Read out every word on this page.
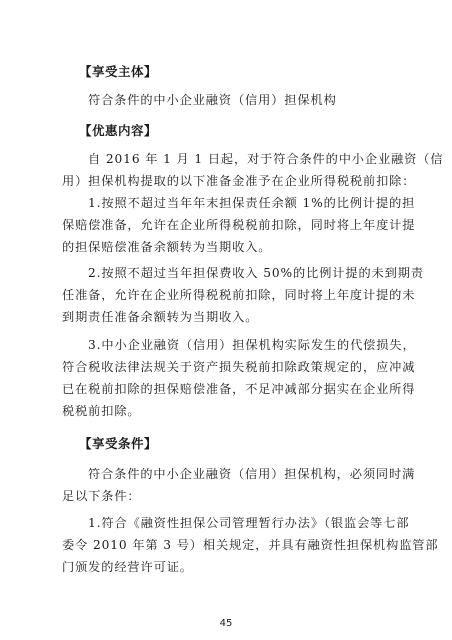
【享受主体】
符合条件的中小企业融资（信用）担保机构
【优惠内容】
自 2016 年 1 月 1 日起，对于符合条件的中小企业融资（信
用）担保机构提取的以下准备金准予在企业所得税税前扣除：
1.按照不超过当年年末担保责任余额 1%的比例计提的担
保赔偿准备，允许在企业所得税税前扣除，同时将上年度计提
的担保赔偿准备余额转为当期收入。
2.按照不超过当年担保费收入 50%的比例计提的未到期责
任准备，允许在企业所得税税前扣除，同时将上年度计提的未
到期责任准备余额转为当期收入。
3.中小企业融资（信用）担保机构实际发生的代偿损失，
符合税收法律法规关于资产损失税前扣除政策规定的，应冲减
已在税前扣除的担保赔偿准备，不足冲减部分据实在企业所得
税税前扣除。
【享受条件】
符合条件的中小企业融资（信用）担保机构，必须同时满
足以下条件：
1.符合《融资性担保公司管理暂行办法》（银监会等七部
委令 2010 年第 3 号）相关规定，并具有融资性担保机构监管部
门颁发的经营许可证。
45
